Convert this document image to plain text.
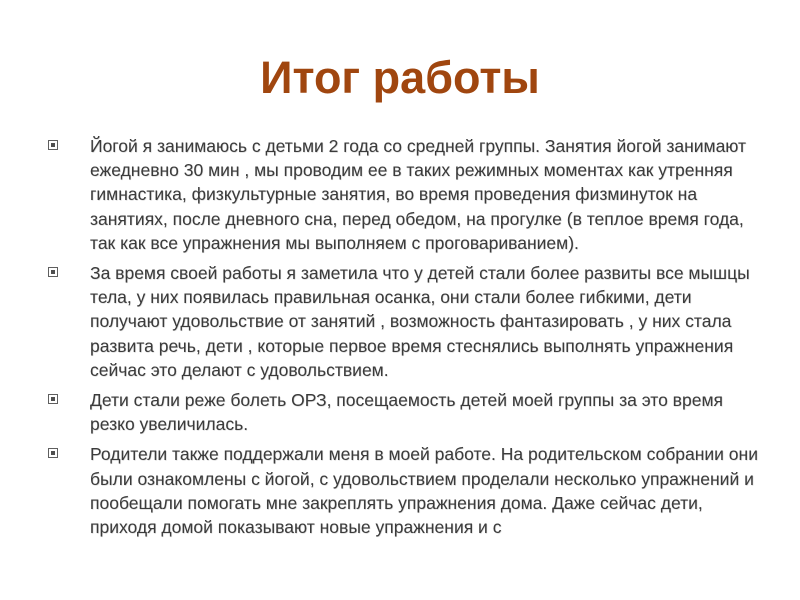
Итог работы
Йогой я занимаюсь с детьми 2 года со средней группы. Занятия йогой занимают ежедневно 30 мин , мы проводим ее в таких режимных моментах как утренняя гимнастика, физкультурные занятия, во время проведения физминуток на занятиях, после дневного сна, перед обедом, на прогулке (в теплое время года, так как все упражнения мы выполняем с проговариванием).
За время своей работы я заметила что у детей стали более развиты все мышцы тела, у них появилась правильная осанка, они стали более гибкими, дети получают удовольствие от занятий , возможность фантазировать , у них стала развита речь, дети , которые первое время стеснялись выполнять упражнения сейчас это делают с удовольствием.
Дети стали реже болеть ОРЗ, посещаемость детей моей группы за это время резко увеличилась.
Родители также поддержали меня в моей работе. На родительском собрании они были ознакомлены с йогой, с удовольствием проделали несколько упражнений и пообещали помогать мне закреплять упражнения дома. Даже сейчас дети, приходя домой показывают новые упражнения и с
